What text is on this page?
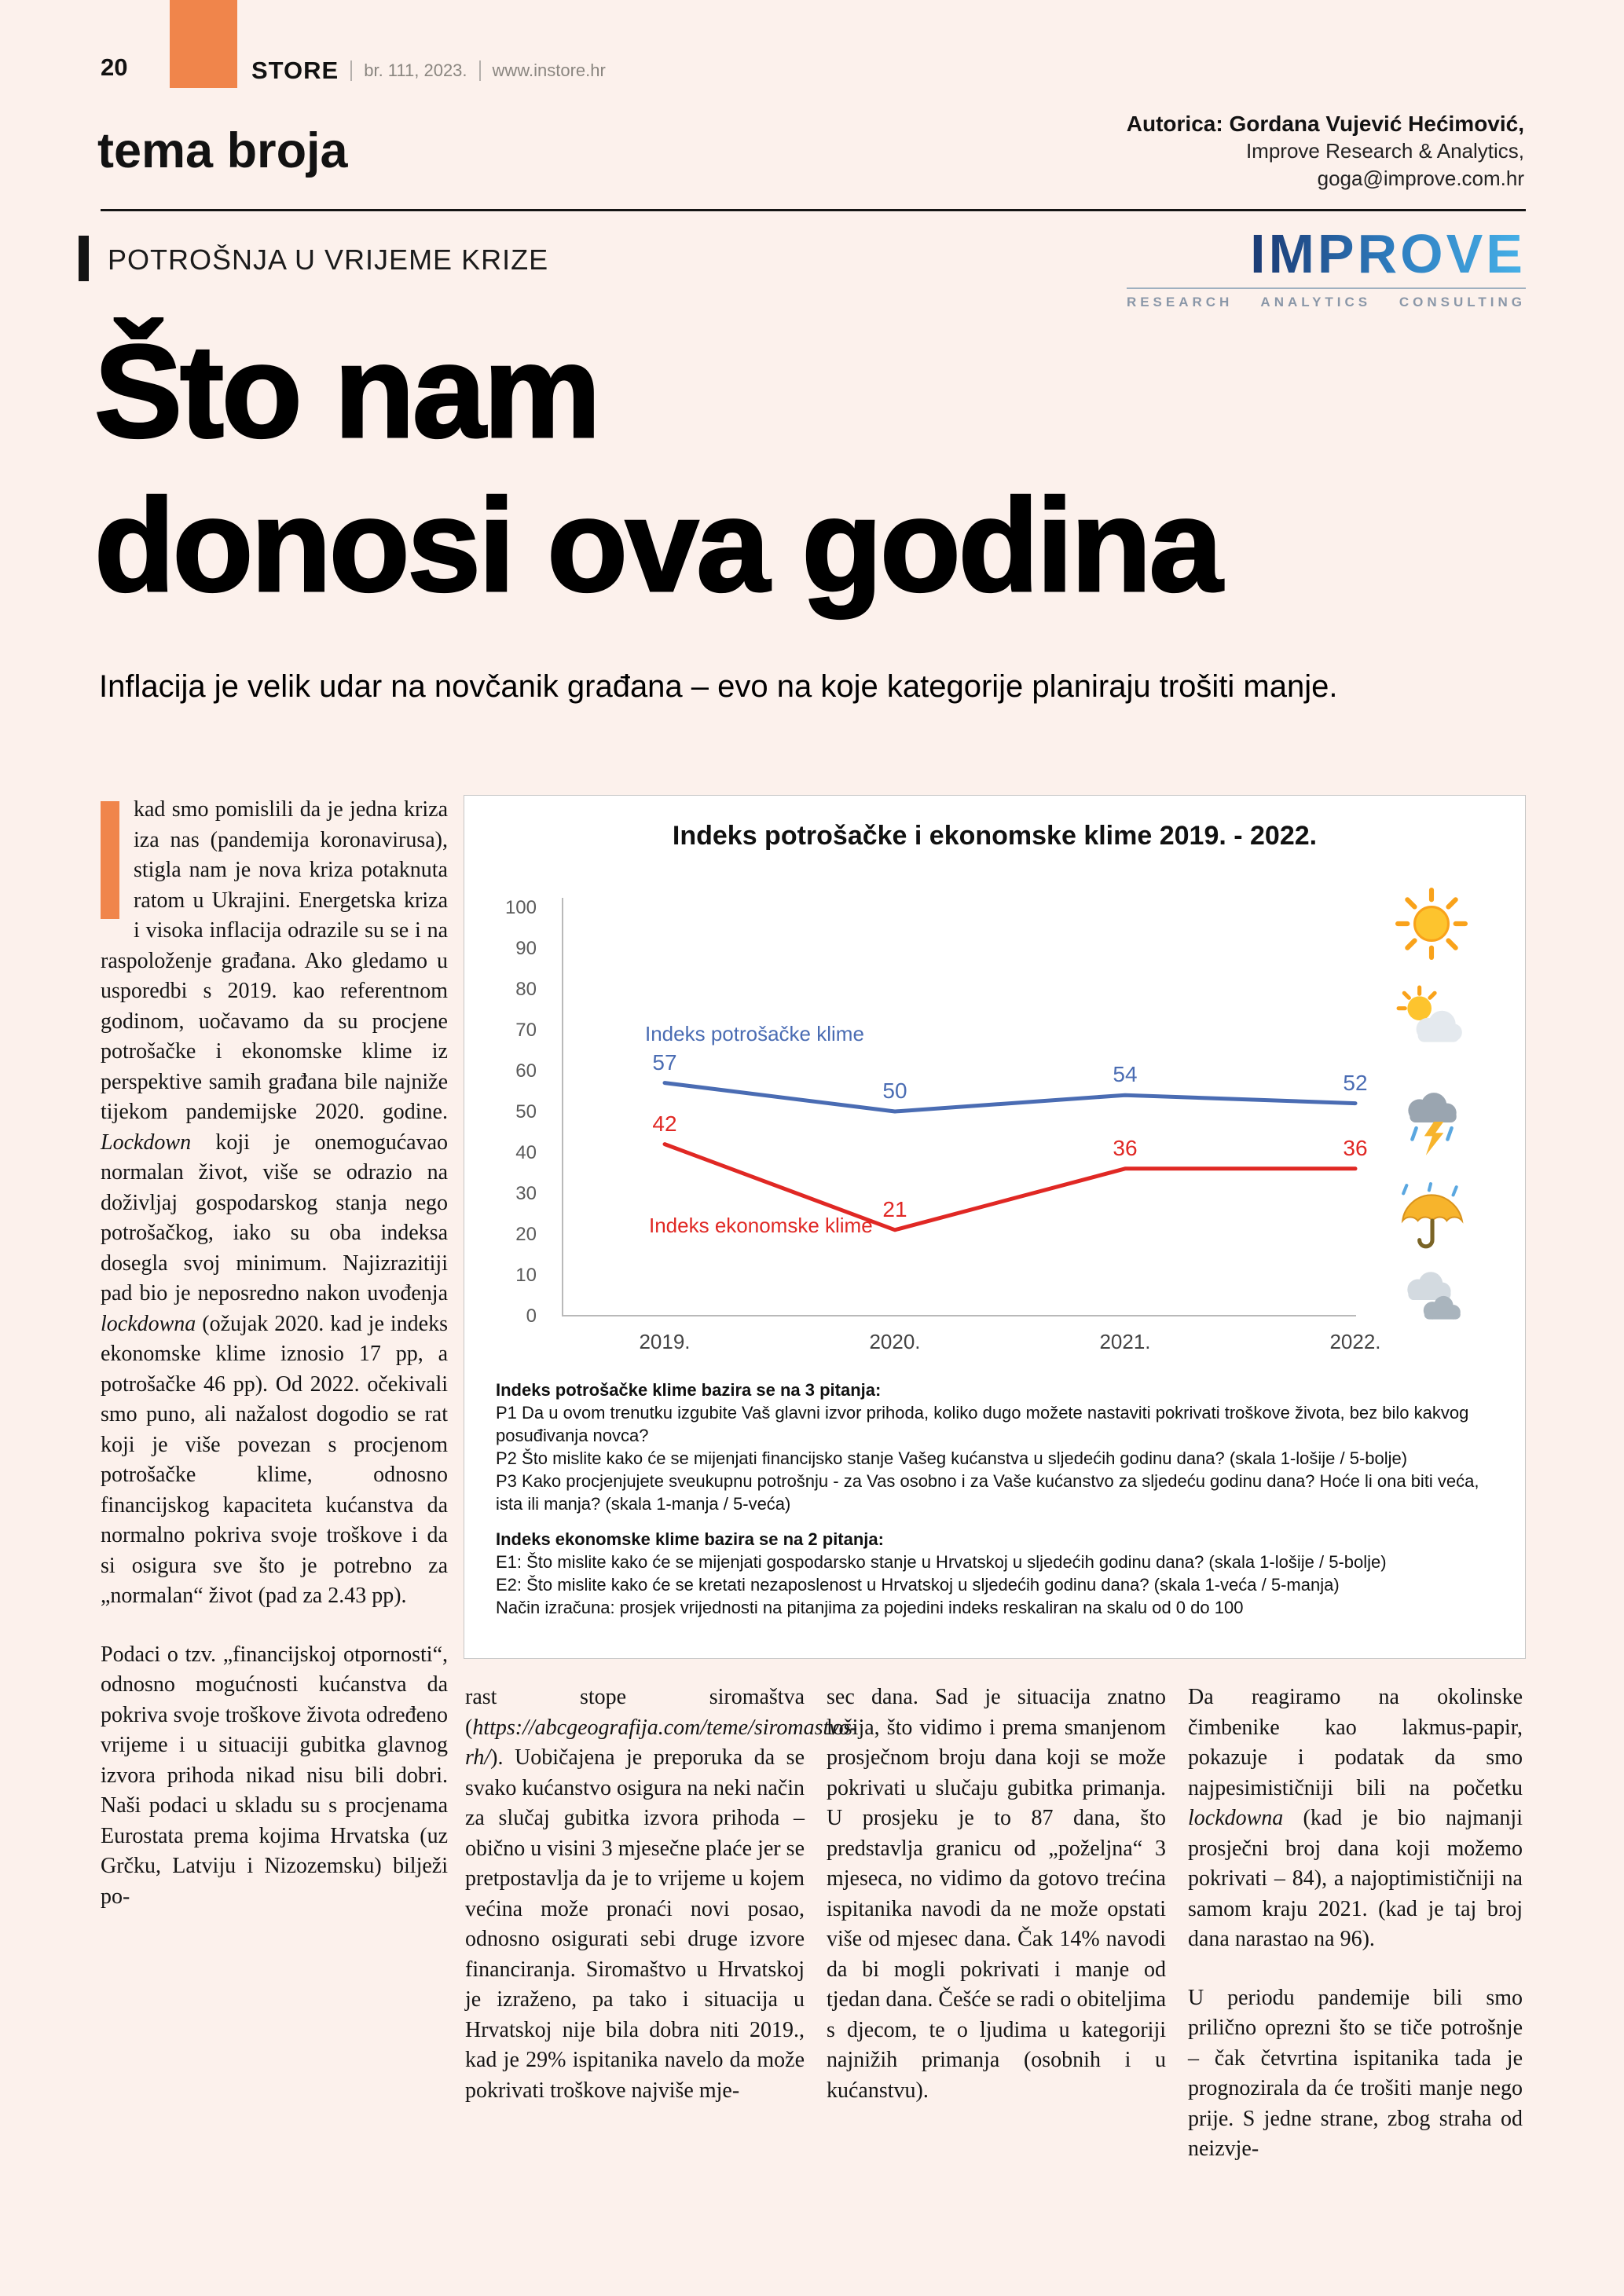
20	STORE br. 111, 2023. www.instore.hr
Autorica: Gordana Vujević Hećimović,
Improve Research & Analytics,
goga@improve.com.hr
tema broja
POTROŠNJA U VRIJEME KRIZE	IMPROVE
RESEARCH ANALYTICS CONSULTING
Što nam
donosi ova godina

Inflacija je velik udar na novčanik građana – evo na koje kategorije planiraju trošiti manje.

kad smo pomislili da je jedna kriza iza nas (pandemija koronavirusa), stigla nam je nova kriza potaknuta ratom u Ukrajini. Energetska kriza i visoka inflacija odrazile su se i na raspoloženje građana. Ako gledamo u usporedbi s 2019. kao referentnom godinom, uočavamo da su procjene potrošačke i ekonomske klime iz perspektive samih građana bile najniže tijekom pandemijske 2020. godine. Lockdown koji je onemogućavao normalan život, više se odrazio na doživljaj gospodarskog stanja nego potrošačkog, iako su oba indeksa dosegla svoj minimum. Najizrazitiji pad bio je neposredno nakon uvođenja lockdowna (ožujak 2020. kad je indeks ekonomske klime iznosio 17 pp, a potrošačke 46 pp). Od 2022. očekivali smo puno, ali nažalost dogodio se rat koji je više povezan s procjenom potrošačke klime, odnosno financijskog kapaciteta kućanstva da normalno pokriva svoje troškove i da si osigura sve što je potrebno za „normalan“ život (pad za 2.43 pp).

Podaci o tzv. „financijskoj otpornosti“, odnosno mogućnosti kućanstva da pokriva svoje troškove života određeno vrijeme i u situaciji gubitka glavnog izvora prihoda nikad nisu bili dobri. Naši podaci u skladu su s procjenama Eurostata prema kojima Hrvatska (uz Grčku, Latviju i Nizozemsku) bilježi po-

Indeks potrošačke i ekonomske klime 2019. - 2022.
0
10
20
30
40
50
60
70
80
90
100
2019.	2020.	2021.	2022.
57
50
54	52
42
21
36	36
Indeks potrošačke klime
Indeks ekonomske klime

Indeks potrošačke klime bazira se na 3 pitanja:

P1 Da u ovom trenutku izgubite Vaš glavni izvor prihoda, koliko dugo možete nastaviti pokrivati troškove života, bez bilo kakvog posuđivanja novca?

P2 Što mislite kako će se mijenjati financijsko stanje Vašeg kućanstva u sljedećih godinu dana? (skala 1-lošije / 5-bolje)

P3 Kako procjenjujete sveukupnu potrošnju - za Vas osobno i za Vaše kućanstvo za sljedeću godinu dana? Hoće li ona biti veća, ista ili manja? (skala 1-manja / 5-veća)

Indeks ekonomske klime bazira se na 2 pitanja:

E1: Što mislite kako će se mijenjati gospodarsko stanje u Hrvatskoj u sljedećih godinu dana? (skala 1-lošije / 5-bolje)

E2: Što mislite kako će se kretati nezaposlenost u Hrvatskoj u sljedećih godinu dana? (skala 1-veća / 5-manja)

Način izračuna: prosjek vrijednosti na pitanjima za pojedini indeks reskaliran na skalu od 0 do 100

rast stope siromaštva (https://abcgeografija.com/teme/siromastvo-rh/). Uobičajena je preporuka da se svako kućanstvo osigura na neki način za slučaj gubitka izvora prihoda – obično u visini 3 mjesečne plaće jer se pretpostavlja da je to vrijeme u kojem većina može pronaći novi posao, odnosno osigurati sebi druge izvore financiranja. Siromaštvo u Hrvatskoj je izraženo, pa tako i situacija u Hrvatskoj nije bila dobra niti 2019., kad je 29% ispitanika navelo da može pokrivati troškove najviše mje-

sec dana. Sad je situacija znatno lošija, što vidimo i prema smanjenom prosječnom broju dana koji se može pokrivati u slučaju gubitka primanja. U prosjeku je to 87 dana, što predstavlja granicu od „poželjna“ 3 mjeseca, no vidimo da gotovo trećina ispitanika navodi da ne može opstati više od mjesec dana. Čak 14% navodi da bi mogli pokrivati i manje od tjedan dana. Češće se radi o obiteljima s djecom, te o ljudima u kategoriji najnižih primanja (osobnih i u kućanstvu).

Da reagiramo na okolinske čimbenike kao lakmus-papir, pokazuje i podatak da smo najpesimističniji bili na početku lockdowna (kad je bio najmanji prosječni broj dana koji možemo pokrivati – 84), a najoptimističniji na samom kraju 2021. (kad je taj broj dana narastao na 96).

U periodu pandemije bili smo prilično oprezni što se tiče potrošnje – čak četvrtina ispitanika tada je prognozirala da će trošiti manje nego prije. S jedne strane, zbog straha od neizvje-
